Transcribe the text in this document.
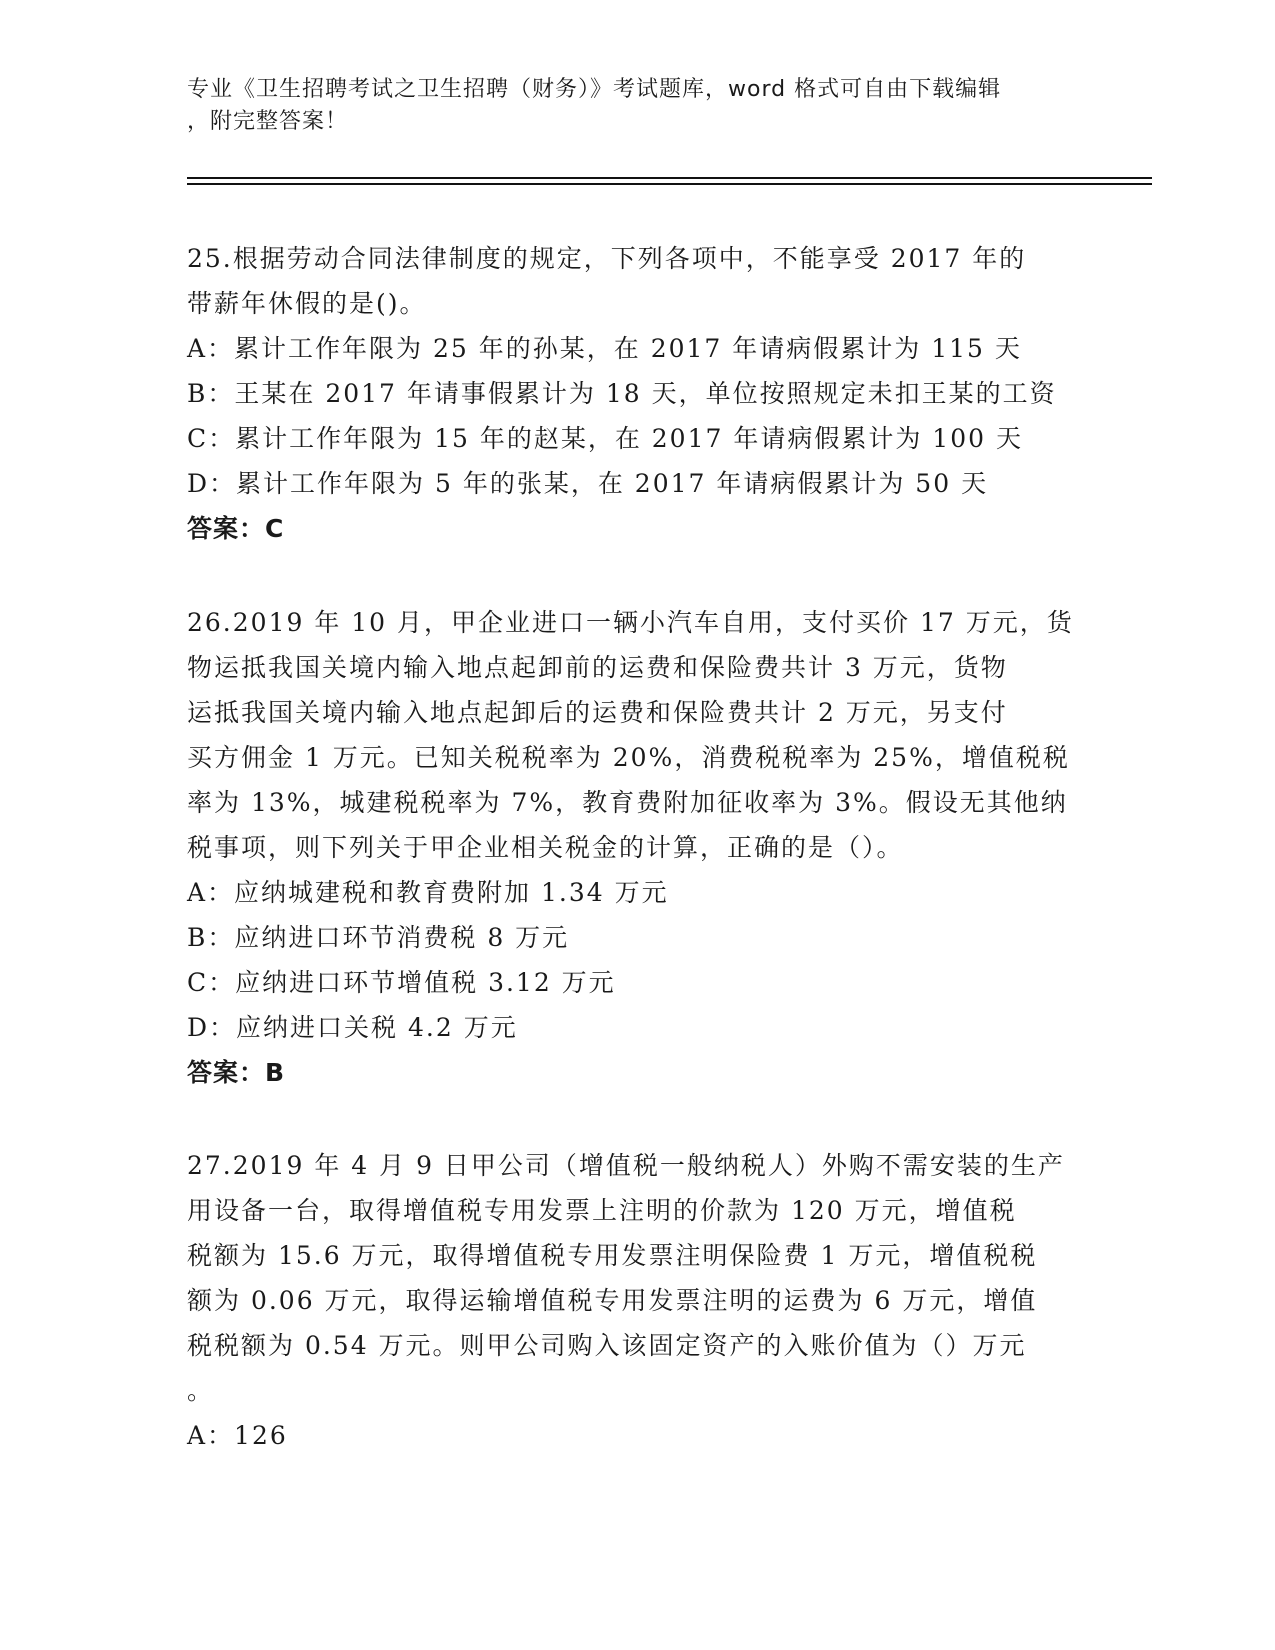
专业《卫生招聘考试之卫生招聘（财务）》考试题库，word 格式可自由下载编辑
，附完整答案！

25.根据劳动合同法律制度的规定，下列各项中，不能享受 2017 年的
带薪年休假的是()。

A：累计工作年限为 25 年的孙某，在 2017 年请病假累计为 115 天

B：王某在 2017 年请事假累计为 18 天，单位按照规定未扣王某的工资

C：累计工作年限为 15 年的赵某，在 2017 年请病假累计为 100 天

D：累计工作年限为 5 年的张某，在 2017 年请病假累计为 50 天

答案：C

26.2019 年 10 月，甲企业进口一辆小汽车自用，支付买价 17 万元，货
物运抵我国关境内输入地点起卸前的运费和保险费共计 3 万元，货物
运抵我国关境内输入地点起卸后的运费和保险费共计 2 万元，另支付
买方佣金 1 万元。已知关税税率为 20%，消费税税率为 25%，增值税税
率为 13%，城建税税率为 7%，教育费附加征收率为 3%。假设无其他纳
税事项，则下列关于甲企业相关税金的计算，正确的是（）。

A：应纳城建税和教育费附加 1.34 万元

B：应纳进口环节消费税 8 万元

C：应纳进口环节增值税 3.12 万元

D：应纳进口关税 4.2 万元

答案：B

27.2019 年 4 月 9 日甲公司（增值税一般纳税人）外购不需安装的生产
用设备一台，取得增值税专用发票上注明的价款为 120 万元，增值税
税额为 15.6 万元，取得增值税专用发票注明保险费 1 万元，增值税税
额为 0.06 万元，取得运输增值税专用发票注明的运费为 6 万元，增值
税税额为 0.54 万元。则甲公司购入该固定资产的入账价值为（）万元
。

A：126
